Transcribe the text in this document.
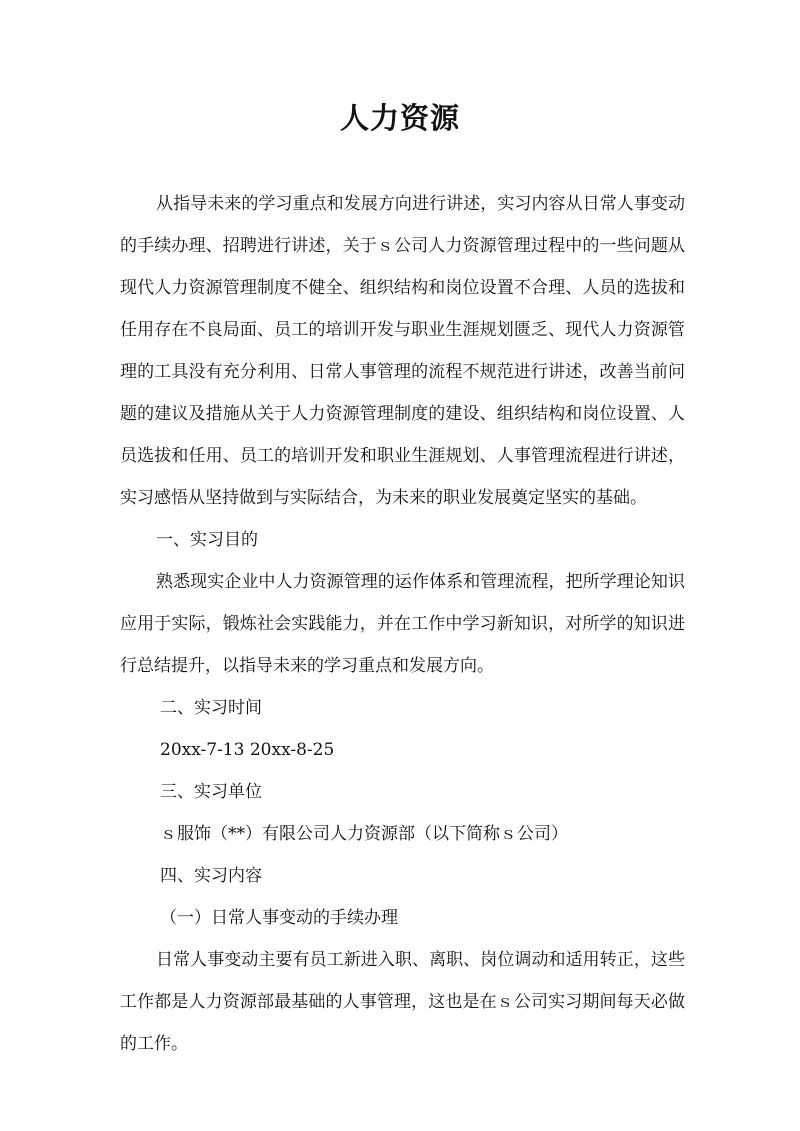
人力资源

从指导未来的学习重点和发展方向进行讲述，实习内容从日常人事变动的手续办理、招聘进行讲述，关于ｓ公司人力资源管理过程中的一些问题从现代人力资源管理制度不健全、组织结构和岗位设置不合理、人员的选拔和任用存在不良局面、员工的培训开发与职业生涯规划匮乏、现代人力资源管理的工具没有充分利用、日常人事管理的流程不规范进行讲述，改善当前问题的建议及措施从关于人力资源管理制度的建设、组织结构和岗位设置、人员选拔和任用、员工的培训开发和职业生涯规划、人事管理流程进行讲述，实习感悟从坚持做到与实际结合，为未来的职业发展奠定坚实的基础。

一、实习目的

熟悉现实企业中人力资源管理的运作体系和管理流程，把所学理论知识应用于实际，锻炼社会实践能力，并在工作中学习新知识，对所学的知识进行总结提升，以指导未来的学习重点和发展方向。

二、实习时间

20xx-7-13 20xx-8-25

三、实习单位

ｓ服饰（**）有限公司人力资源部（以下简称ｓ公司）

四、实习内容

（一）日常人事变动的手续办理

日常人事变动主要有员工新进入职、离职、岗位调动和适用转正，这些工作都是人力资源部最基础的人事管理，这也是在ｓ公司实习期间每天必做的工作。
